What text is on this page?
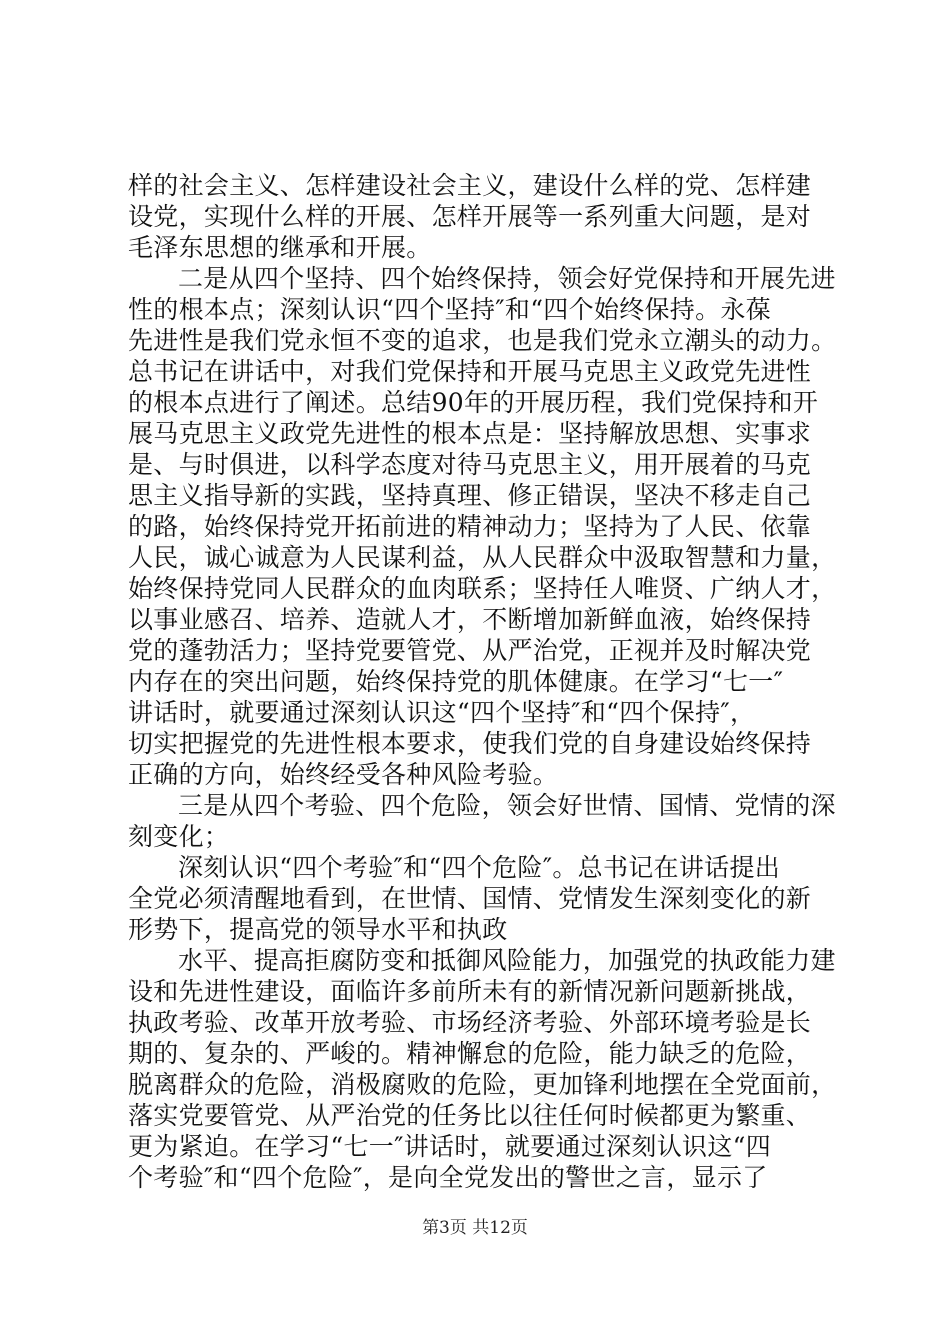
样的社会主义、怎样建设社会主义，建设什么样的党、怎样建
设党，实现什么样的开展、怎样开展等一系列重大问题，是对
毛泽东思想的继承和开展。
二是从四个坚持、四个始终保持，领会好党保持和开展先进
性的根本点；深刻认识“四个坚持″和“四个始终保持。永葆
先进性是我们党永恒不变的追求，也是我们党永立潮头的动力。
总书记在讲话中，对我们党保持和开展马克思主义政党先进性
的根本点进行了阐述。总结90年的开展历程，我们党保持和开
展马克思主义政党先进性的根本点是：坚持解放思想、实事求
是、与时俱进，以科学态度对待马克思主义，用开展着的马克
思主义指导新的实践，坚持真理、修正错误，坚决不移走自己
的路，始终保持党开拓前进的精神动力；坚持为了人民、依靠
人民，诚心诚意为人民谋利益，从人民群众中汲取智慧和力量，
始终保持党同人民群众的血肉联系；坚持任人唯贤、广纳人才，
以事业感召、培养、造就人才，不断增加新鲜血液，始终保持
党的蓬勃活力；坚持党要管党、从严治党，正视并及时解决党
内存在的突出问题，始终保持党的肌体健康。在学习“七一″
讲话时，就要通过深刻认识这“四个坚持″和“四个保持″，
切实把握党的先进性根本要求，使我们党的自身建设始终保持
正确的方向，始终经受各种风险考验。
三是从四个考验、四个危险，领会好世情、国情、党情的深
刻变化；
深刻认识“四个考验″和“四个危险″。总书记在讲话提出
全党必须清醒地看到，在世情、国情、党情发生深刻变化的新
形势下，提高党的领导水平和执政
水平、提高拒腐防变和抵御风险能力，加强党的执政能力建
设和先进性建设，面临许多前所未有的新情况新问题新挑战，
执政考验、改革开放考验、市场经济考验、外部环境考验是长
期的、复杂的、严峻的。精神懈怠的危险，能力缺乏的危险，
脱离群众的危险，消极腐败的危险，更加锋利地摆在全党面前，
落实党要管党、从严治党的任务比以往任何时候都更为繁重、
更为紧迫。在学习“七一″讲话时，就要通过深刻认识这“四
个考验″和“四个危险″，是向全党发出的警世之言，显示了
第3页 共12页
